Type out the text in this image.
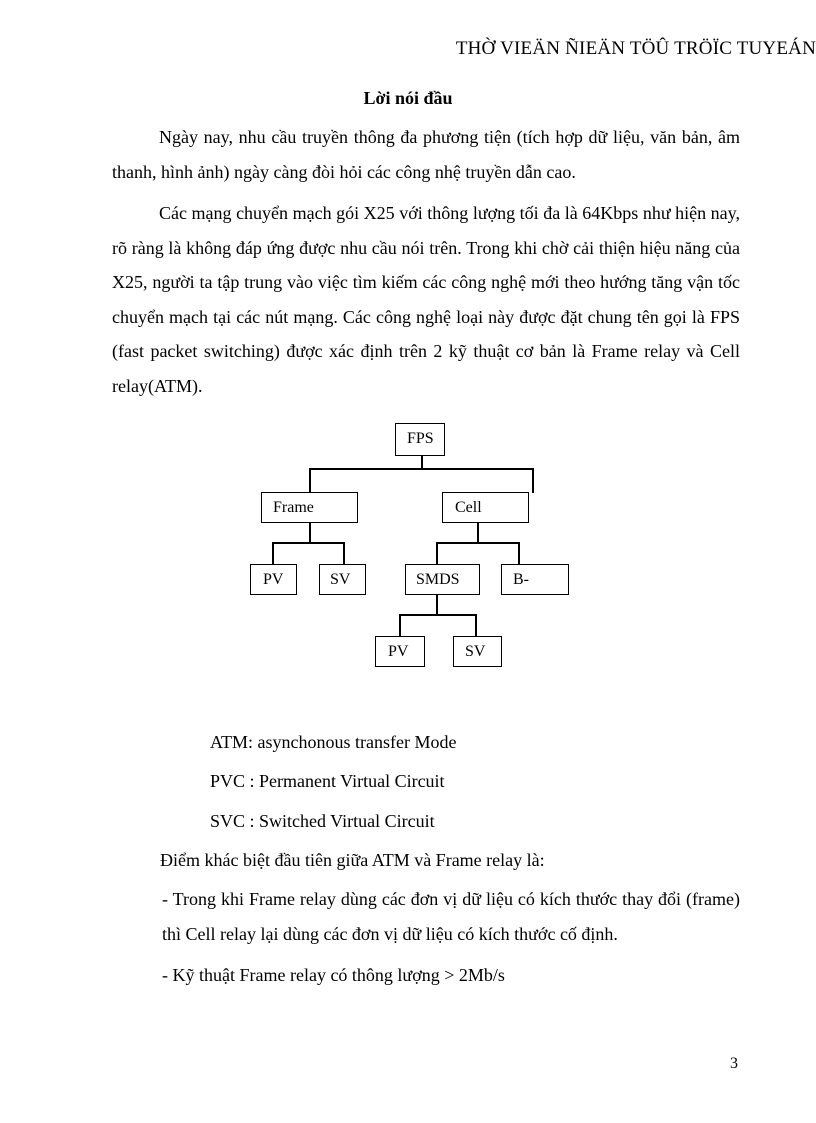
THỜ VIEÄN ÑIEÄN TÖÛ TRÖÏC TUYEÁN
Lời nói đầu

Ngày nay, nhu cầu truyền thông đa phương tiện (tích hợp dữ liệu, văn bản, âm thanh, hình ảnh) ngày càng đòi hỏi các công nhệ truyền dẫn cao.

Các mạng chuyển mạch gói X25 với thông lượng tối đa là 64Kbps như hiện nay, rõ ràng là không đáp ứng được nhu cầu nói trên. Trong khi chờ cải thiện hiệu năng của X25, người ta tập trung vào việc tìm kiếm các công nghệ mới theo hướng tăng vận tốc chuyển mạch tại các nút mạng. Các công nghệ loại này được đặt chung tên gọi là FPS (fast packet switching) được xác định trên 2 kỹ thuật cơ bản là Frame relay và Cell relay(ATM).

FPS
Frame	Cell
PV	SV	SMDS	B-
PV	SV
ATM: asynchonous transfer Mode
PVC : Permanent Virtual Circuit
SVC : Switched Virtual Circuit
Điểm khác biệt đầu tiên giữa ATM và Frame relay là:

- Trong khi Frame relay dùng các đơn vị dữ liệu có kích thước thay đổi (frame) thì Cell relay lại dùng các đơn vị dữ liệu có kích thước cố định.

- Kỹ thuật Frame relay có thông lượng > 2Mb/s

3
